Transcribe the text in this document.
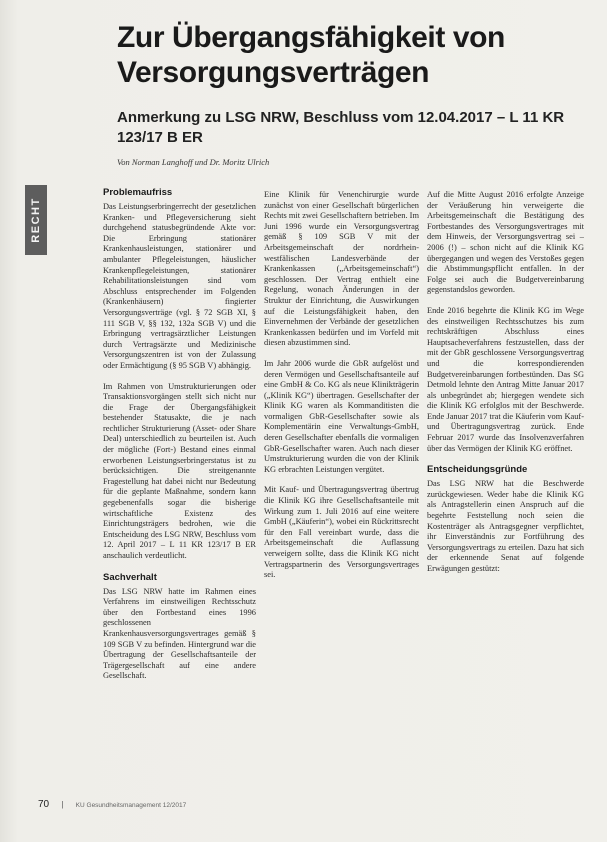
RECHT
Zur Übergangsfähigkeit von Versorgungsverträgen
Anmerkung zu LSG NRW, Beschluss vom 12.04.2017 – L 11 KR 123/17 B ER

Von Norman Langhoff und Dr. Moritz Ulrich

Problemaufriss

Das Leistungserbringerrecht der gesetzlichen Kranken- und Pflegeversicherung sieht durchgehend statusbegründende Akte vor: Die Erbringung stationärer Krankenhausleistungen, stationärer und ambulanter Pflegeleistungen, häuslicher Krankenpflegeleistungen, stationärer Rehabilitationsleistungen sind vom Abschluss entsprechender im Folgenden (Krankenhäusern) fingierter Versorgungsverträge (vgl. § 72 SGB XI, § 111 SGB V, §§ 132, 132a SGB V) und die Erbringung vertragsärztlicher Leistungen durch Vertragsärzte und Medizinische Versorgungszentren ist von der Zulassung oder Ermächtigung (§ 95 SGB V) abhängig.

Im Rahmen von Umstrukturierungen oder Transaktionsvorgängen stellt sich nicht nur die Frage der Übergangsfähigkeit bestehender Statusakte, die je nach rechtlicher Strukturierung (Asset- oder Share Deal) unterschiedlich zu beurteilen ist. Auch der mögliche (Fort-) Bestand eines einmal erworbenen Leistungserbringerstatus ist zu berücksichtigen. Die streitgenannte Fragestellung hat dabei nicht nur Bedeutung für die geplante Maßnahme, sondern kann gegebenenfalls sogar die bisherige wirtschaftliche Existenz des Einrichtungsträgers bedrohen, wie die Entscheidung des LSG NRW, Beschluss vom 12. April 2017 – L 11 KR 123/17 B ER anschaulich verdeutlicht.

Sachverhalt

Das LSG NRW hatte im Rahmen eines Verfahrens im einstweiligen Rechtsschutz über den Fortbestand eines 1996 geschlossenen Krankenhausversorgungsvertrages gemäß § 109 SGB V zu befinden. Hintergrund war die Übertragung der Gesellschaftsanteile der Trägergesellschaft auf eine andere Gesellschaft.

Eine Klinik für Venenchirurgie wurde zunächst von einer Gesellschaft bürgerlichen Rechts mit zwei Gesellschaftern betrieben. Im Juni 1996 wurde ein Versorgungsvertrag gemäß § 109 SGB V mit der Arbeitsgemeinschaft der nordrhein-westfälischen Landesverbände der Krankenkassen („Arbeitsgemeinschaft“) geschlossen. Der Vertrag enthielt eine Regelung, wonach Änderungen in der Struktur der Einrichtung, die Auswirkungen auf die Leistungsfähigkeit haben, den Einvernehmen der Verbände der gesetzlichen Krankenkassen bedürfen und im Vorfeld mit diesen abzustimmen sind.

Im Jahr 2006 wurde die GbR aufgelöst und deren Vermögen und Gesellschaftsanteile auf eine GmbH & Co. KG als neue Klinikträgerin („Klinik KG“) übertragen. Gesellschafter der Klinik KG waren als Kommanditisten die vormaligen GbR-Gesellschafter sowie als Komplementärin eine Verwaltungs-GmbH, deren Gesellschafter ebenfalls die vormaligen GbR-Gesellschafter waren. Auch nach dieser Umstrukturierung wurden die von der Klinik KG erbrachten Leistungen vergütet.

Mit Kauf- und Übertragungsvertrag übertrug die Klinik KG ihre Gesellschaftsanteile mit Wirkung zum 1. Juli 2016 auf eine weitere GmbH („Käuferin“), wobei ein Rückrittsrecht für den Fall vereinbart wurde, dass die Arbeitsgemeinschaft die Auflassung verweigern sollte, dass die Klinik KG nicht Vertragspartnerin des Versorgungsvertrages sei.

Auf die Mitte August 2016 erfolgte Anzeige der Veräußerung hin verweigerte die Arbeitsgemeinschaft die Bestätigung des Fortbestandes des Versorgungsvertrages mit dem Hinweis, der Versorgungsvertrag sei – 2006 (!) – schon nicht auf die Klinik KG übergegangen und wegen des Verstoßes gegen die Abstimmungspflicht entfallen. In der Folge sei auch die Budgetvereinbarung gegenstandslos geworden.

Ende 2016 begehrte die Klinik KG im Wege des einstweiligen Rechtsschutzes bis zum rechtskräftigen Abschluss eines Hauptsacheverfahrens festzustellen, dass der mit der GbR geschlossene Versorgungsvertrag und die korrespondierenden Budgetvereinbarungen fortbestünden. Das SG Detmold lehnte den Antrag Mitte Januar 2017 als unbegründet ab; hiergegen wendete sich die Klinik KG erfolglos mit der Beschwerde. Ende Januar 2017 trat die Käuferin vom Kauf- und Übertragungsvertrag zurück. Ende Februar 2017 wurde das Insolvenzverfahren über das Vermögen der Klinik KG eröffnet.

Entscheidungsgründe

Das LSG NRW hat die Beschwerde zurückgewiesen. Weder habe die Klinik KG als Antragstellerin einen Anspruch auf die begehrte Feststellung noch seien die Kostenträger als Antragsgegner verpflichtet, ihr Einverständnis zur Fortführung des Versorgungsvertrags zu erteilen. Dazu hat sich der erkennende Senat auf folgende Erwägungen gestützt:

70 | KU Gesundheitsmanagement 12/2017
